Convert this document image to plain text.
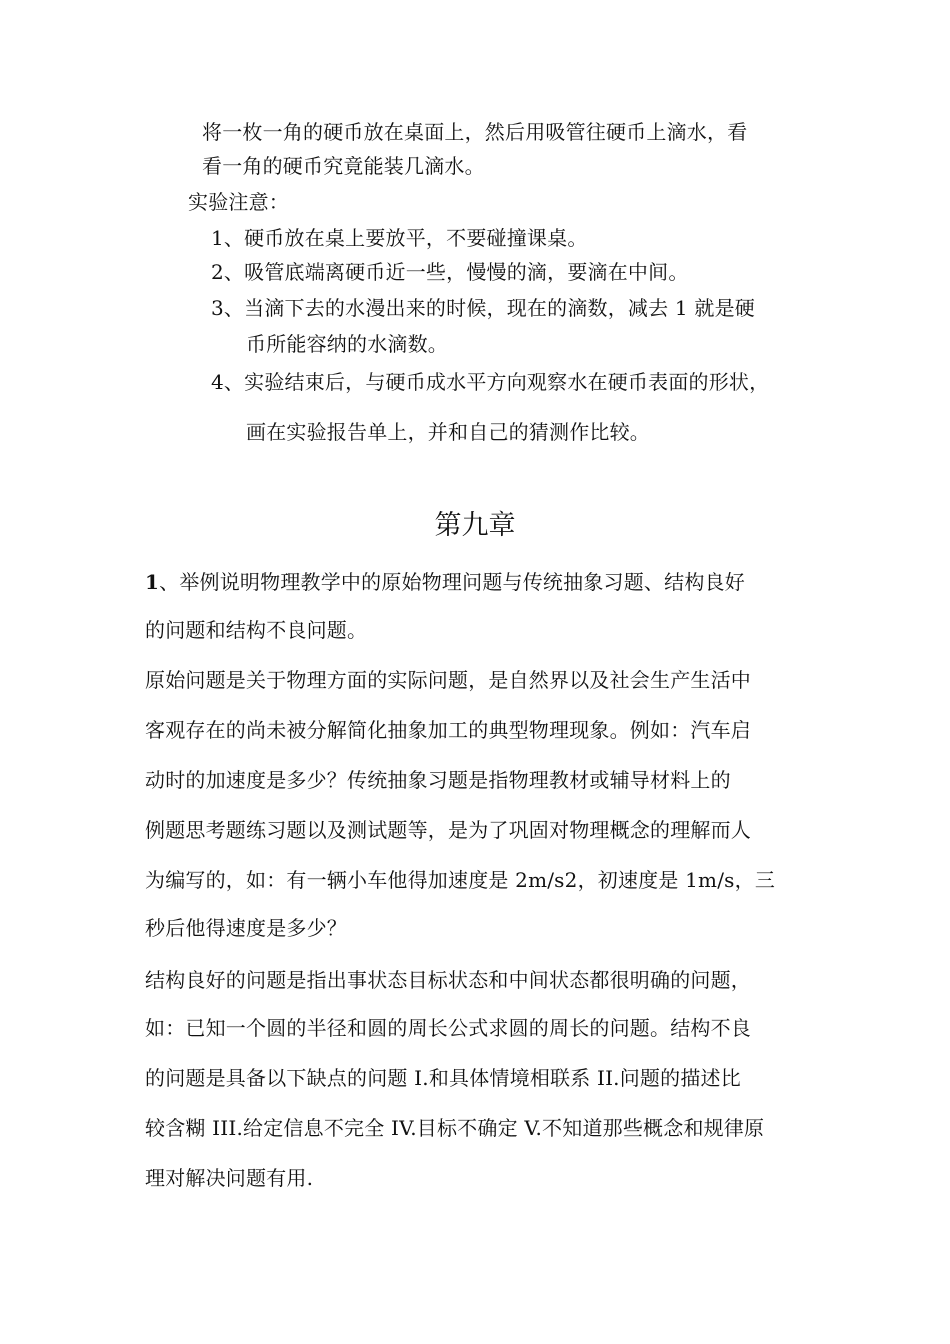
将一枚一角的硬币放在桌面上，然后用吸管往硬币上滴水，看
看一角的硬币究竟能装几滴水。
实验注意：
1、硬币放在桌上要放平，不要碰撞课桌。
2、吸管底端离硬币近一些，慢慢的滴，要滴在中间。
3、当滴下去的水漫出来的时候，现在的滴数，减去 1 就是硬
币所能容纳的水滴数。
4、实验结束后，与硬币成水平方向观察水在硬币表面的形状，
画在实验报告单上，并和自己的猜测作比较。
第九章
1、举例说明物理教学中的原始物理问题与传统抽象习题、结构良好
的问题和结构不良问题。
原始问题是关于物理方面的实际问题，是自然界以及社会生产生活中
客观存在的尚未被分解简化抽象加工的典型物理现象。例如：汽车启
动时的加速度是多少？传统抽象习题是指物理教材或辅导材料上的
例题思考题练习题以及测试题等，是为了巩固对物理概念的理解而人
为编写的，如：有一辆小车他得加速度是 2m/s2，初速度是 1m/s，三
秒后他得速度是多少？
结构良好的问题是指出事状态目标状态和中间状态都很明确的问题，
如：已知一个圆的半径和圆的周长公式求圆的周长的问题。结构不良
的问题是具备以下缺点的问题 I.和具体情境相联系 II.问题的描述比
较含糊 III.给定信息不完全 IV.目标不确定 V.不知道那些概念和规律原
理对解决问题有用.
